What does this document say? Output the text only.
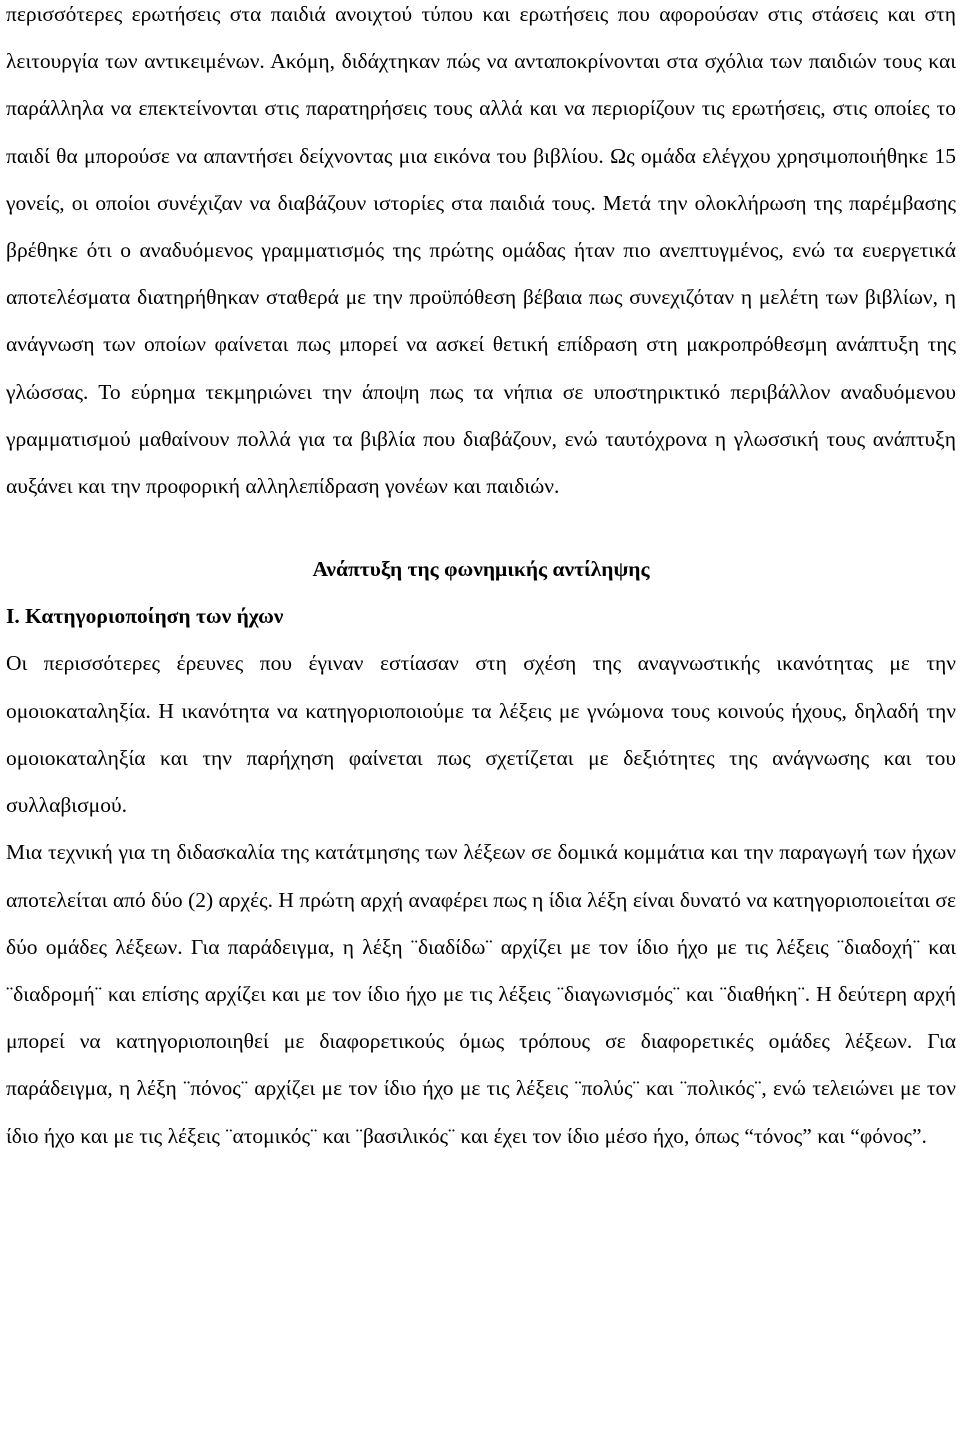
περισσότερες ερωτήσεις στα παιδιά ανοιχτού τύπου και ερωτήσεις που αφορούσαν στις στάσεις και στη λειτουργία των αντικειμένων. Ακόμη, διδάχτηκαν πώς να ανταποκρίνονται στα σχόλια των παιδιών τους και παράλληλα να επεκτείνονται στις παρατηρήσεις τους αλλά και να περιορίζουν τις ερωτήσεις, στις οποίες το παιδί θα μπορούσε να απαντήσει δείχνοντας μια εικόνα του βιβλίου. Ως ομάδα ελέγχου χρησιμοποιήθηκε 15 γονείς, οι οποίοι συνέχιζαν να διαβάζουν ιστορίες στα παιδιά τους. Μετά την ολοκλήρωση της παρέμβασης βρέθηκε ότι ο αναδυόμενος γραμματισμός της πρώτης ομάδας ήταν πιο ανεπτυγμένος, ενώ τα ευεργετικά αποτελέσματα διατηρήθηκαν σταθερά με την προϋπόθεση βέβαια πως συνεχιζόταν η μελέτη των βιβλίων, η ανάγνωση των οποίων φαίνεται πως μπορεί να ασκεί θετική επίδραση στη μακροπρόθεσμη ανάπτυξη της γλώσσας. Το εύρημα τεκμηριώνει την άποψη πως τα νήπια σε υποστηρικτικό περιβάλλον αναδυόμενου γραμματισμού μαθαίνουν πολλά για τα βιβλία που διαβάζουν, ενώ ταυτόχρονα η γλωσσική τους ανάπτυξη αυξάνει και την προφορική αλληλεπίδραση γονέων και παιδιών.

Ανάπτυξη της φωνημικής αντίληψης

Ι. Κατηγοριοποίηση των ήχων

Οι περισσότερες έρευνες που έγιναν εστίασαν στη σχέση της αναγνωστικής ικανότητας με την ομοιοκαταληξία. Η ικανότητα να κατηγοριοποιούμε τα λέξεις με γνώμονα τους κοινούς ήχους, δηλαδή την ομοιοκαταληξία και την παρήχηση φαίνεται πως σχετίζεται με δεξιότητες της ανάγνωσης και του συλλαβισμού.

Μια τεχνική για τη διδασκαλία της κατάτμησης των λέξεων σε δομικά κομμάτια και την παραγωγή των ήχων αποτελείται από δύο (2) αρχές. Η πρώτη αρχή αναφέρει πως η ίδια λέξη είναι δυνατό να κατηγοριοποιείται σε δύο ομάδες λέξεων. Για παράδειγμα, η λέξη ¨διαδίδω¨ αρχίζει με τον ίδιο ήχο με τις λέξεις ¨διαδοχή¨ και ¨διαδρομή¨ και επίσης αρχίζει και με τον ίδιο ήχο με τις λέξεις ¨διαγωνισμός¨ και ¨διαθήκη¨. Η δεύτερη αρχή μπορεί να κατηγοριοποιηθεί με διαφορετικούς όμως τρόπους σε διαφορετικές ομάδες λέξεων. Για παράδειγμα, η λέξη ¨πόνος¨ αρχίζει με τον ίδιο ήχο με τις λέξεις ¨πολύς¨ και ¨πολικός¨, ενώ τελειώνει με τον ίδιο ήχο και με τις λέξεις ¨ατομικός¨ και ¨βασιλικός¨ και έχει τον ίδιο μέσο ήχο, όπως “τόνος” και “φόνος”.
